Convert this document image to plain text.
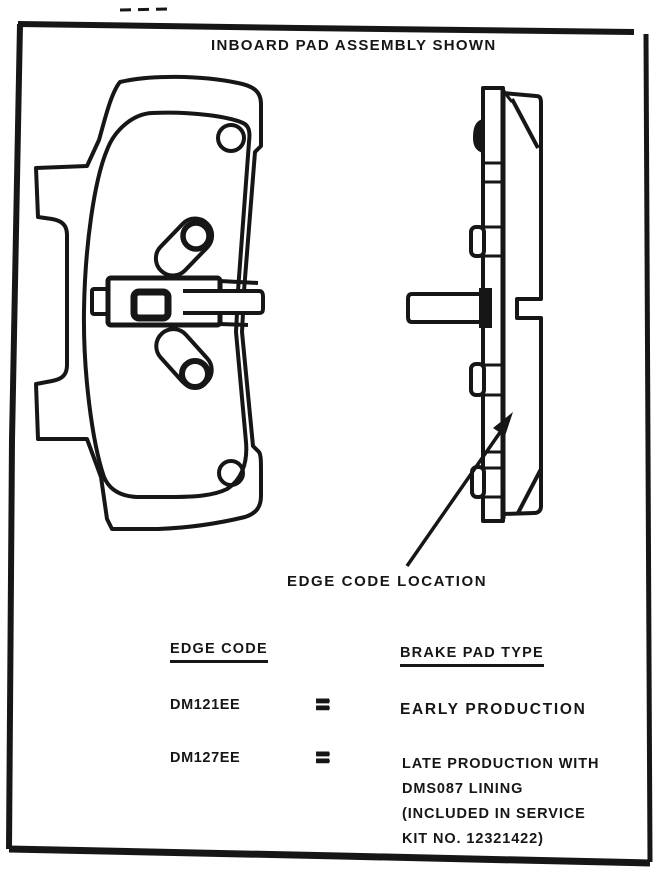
INBOARD PAD ASSEMBLY SHOWN
EDGE CODE LOCATION
EDGE CODE	BRAKE PAD TYPE
DM121EE	=	EARLY PRODUCTION
DM127EE	=	LATE PRODUCTION WITH
DMS087 LINING
(INCLUDED IN SERVICE
KIT NO. 12321422)
